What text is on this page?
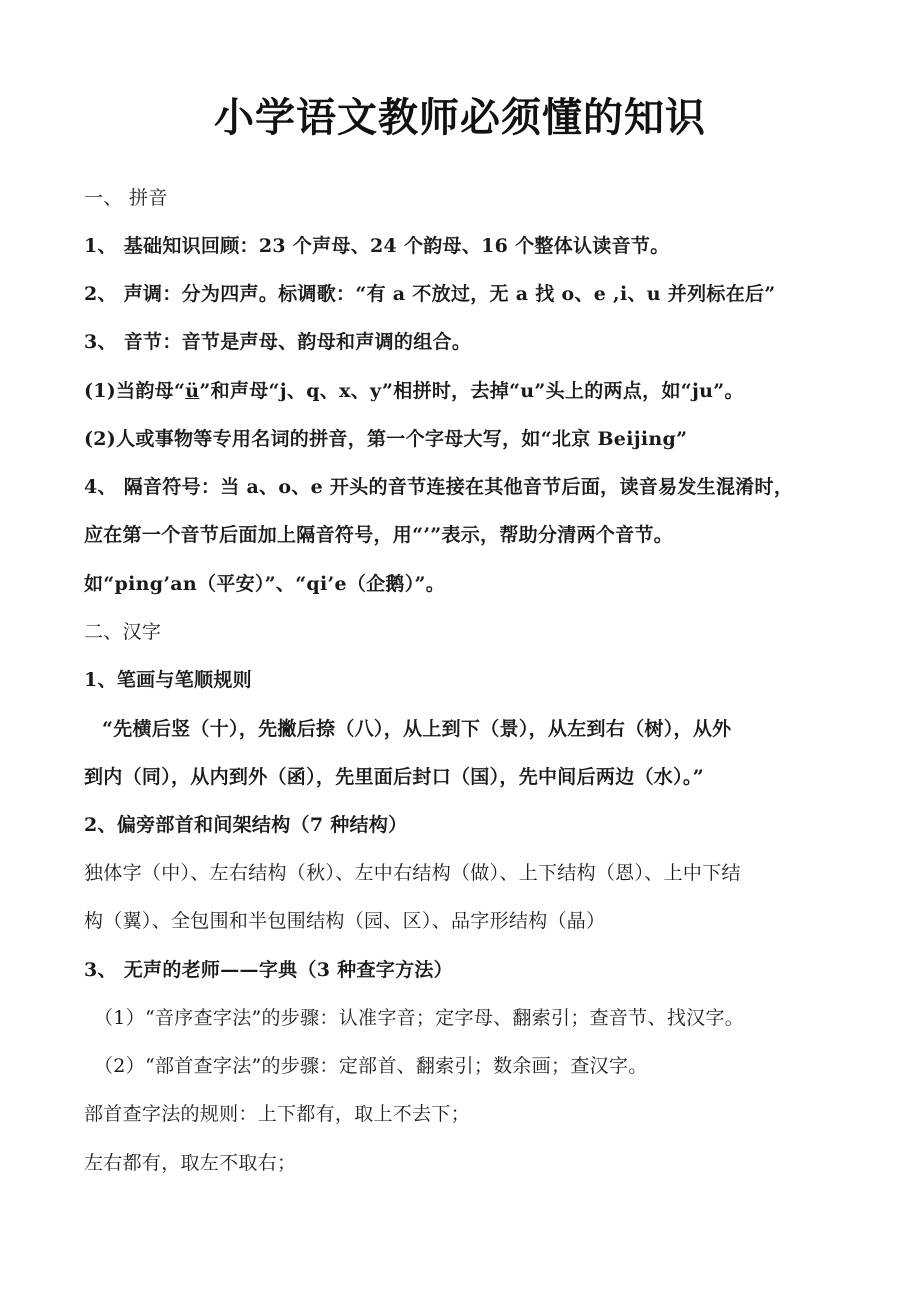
小学语文教师必须懂的知识
一、 拼音
1、 基础知识回顾：23 个声母、24 个韵母、16 个整体认读音节。
2、 声调：分为四声。标调歌：“有 a 不放过，无 a 找 o、e ,i、u 并列标在后”
3、 音节：音节是声母、韵母和声调的组合。
(1)当韵母“ü”和声母“j、q、x、y”相拼时，去掉“u”头上的两点，如“ju”。
(2)人或事物等专用名词的拼音，第一个字母大写，如“北京 Beijing”
4、 隔音符号：当 a、o、e 开头的音节连接在其他音节后面，读音易发生混淆时，
应在第一个音节后面加上隔音符号，用“’”表示，帮助分清两个音节。
如“ping’an（平安）”、“qi’e（企鹅）”。
二、汉字
1、笔画与笔顺规则
“先横后竖（十），先撇后捺（八），从上到下（景），从左到右（树），从外
到内（同），从内到外（函），先里面后封口（国），先中间后两边（水）。”
2、偏旁部首和间架结构（7 种结构）
独体字（中）、左右结构（秋）、左中右结构（做）、上下结构（恩）、上中下结
构（翼）、全包围和半包围结构（园、区）、品字形结构（晶）
3、 无声的老师——字典（3 种查字方法）
（1）“音序查字法”的步骤：认准字音；定字母、翻索引；查音节、找汉字。
（2）“部首查字法”的步骤：定部首、翻索引；数余画；查汉字。
部首查字法的规则：上下都有，取上不去下；
左右都有，取左不取右；
